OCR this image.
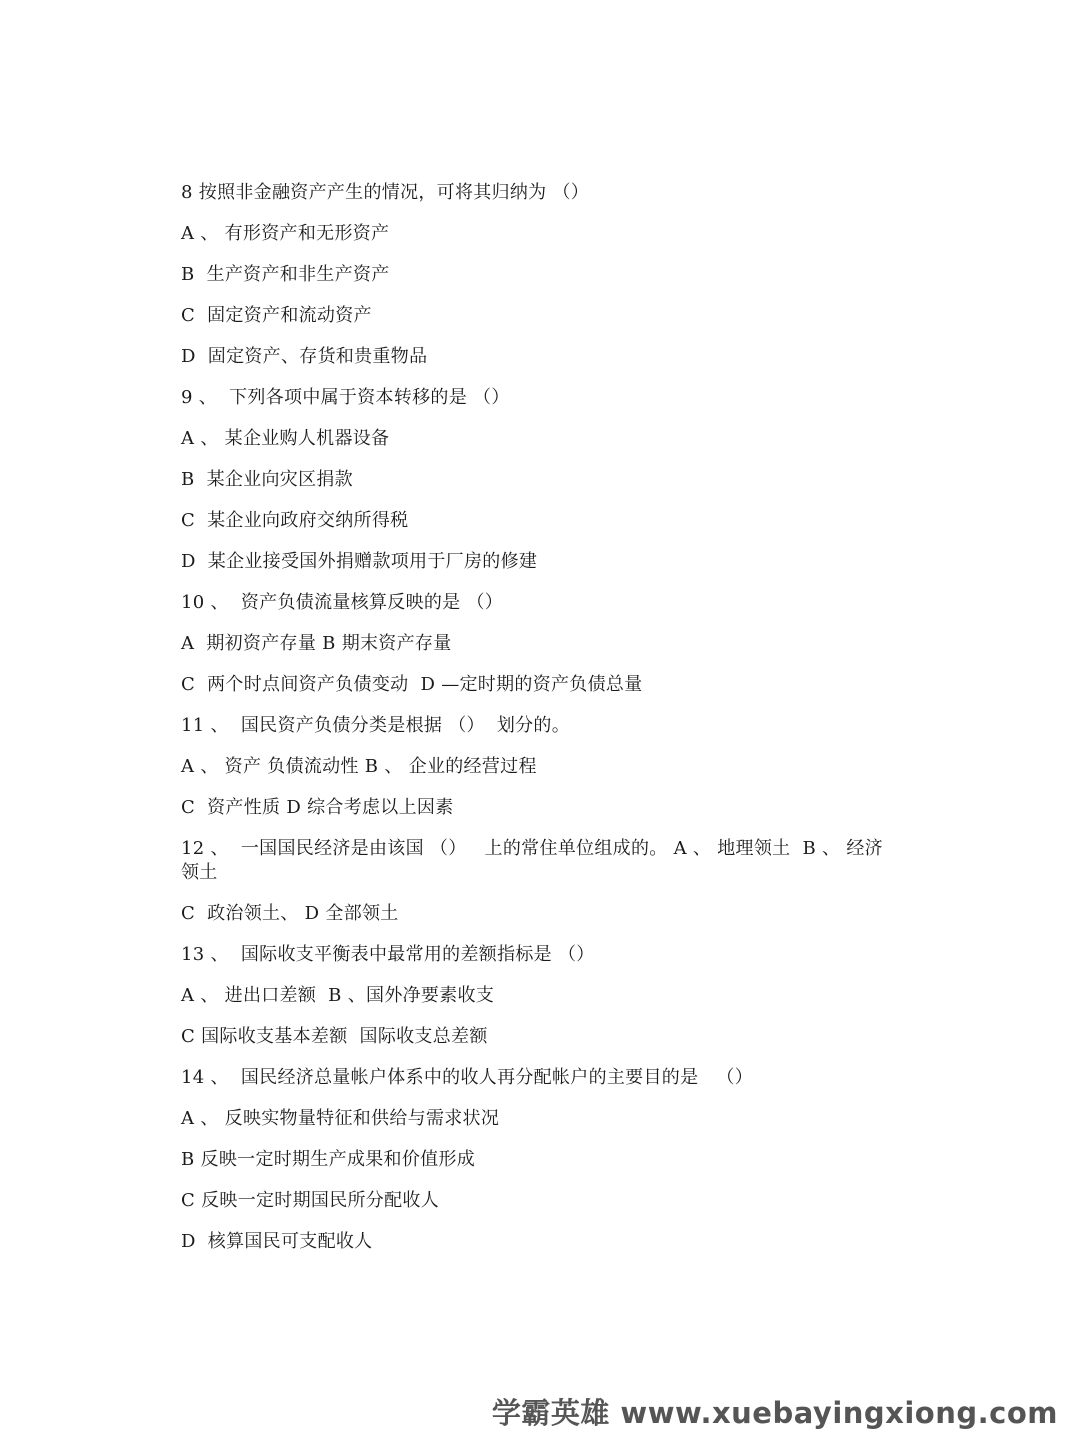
8 按照非金融资产产生的情况，可将其归纳为 （）

A 、 有形资产和无形资产

B  生产资产和非生产资产

C  固定资产和流动资产

D  固定资产、存货和贵重物品

9 、  下列各项中属于资本转移的是 （）

A 、 某企业购人机器设备

B  某企业向灾区捐款

C  某企业向政府交纳所得税

D  某企业接受国外捐赠款项用于厂房的修建

10 、  资产负债流量核算反映的是 （）

A  期初资产存量 B 期末资产存量

C  两个时点间资产负债变动  D —定时期的资产负债总量

11 、  国民资产负债分类是根据 （）  划分的。

A 、 资产 负债流动性 B 、 企业的经营过程

C  资产性质 D 综合考虑以上因素

12 、  一国国民经济是由该国 （）   上的常住单位组成的。 A 、 地理领土  B 、 经济领土

C  政治领土、 D 全部领土

13 、  国际收支平衡表中最常用的差额指标是 （）

A 、 进出口差额  B 、国外净要素收支

C 国际收支基本差额  国际收支总差额

14 、  国民经济总量帐户体系中的收人再分配帐户的主要目的是   （）

A 、 反映实物量特征和供给与需求状况

B 反映一定时期生产成果和价值形成

C 反映一定时期国民所分配收人

D  核算国民可支配收人

学霸英雄 www.xuebayingxiong.com
